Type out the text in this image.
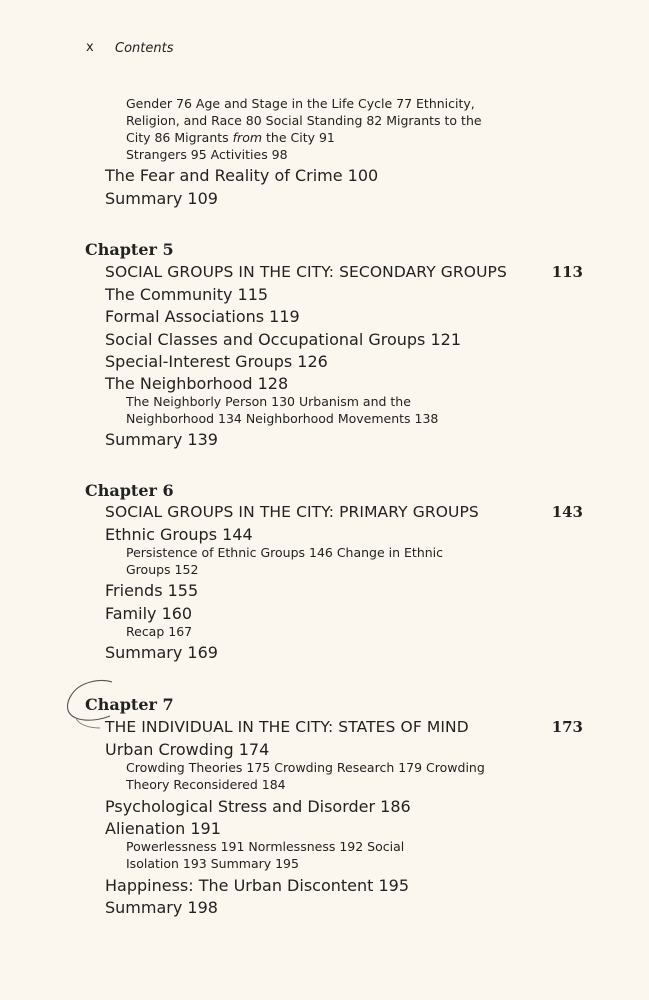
x Contents
Gender 76 Age and Stage in the Life Cycle 77 Ethnicity,
Religion, and Race 80 Social Standing 82 Migrants to the
City 86 Migrants from the City 91
Strangers 95 Activities 98
The Fear and Reality of Crime 100
Summary 109
Chapter 5
SOCIAL GROUPS IN THE CITY: SECONDARY GROUPS	113
The Community 115
Formal Associations 119
Social Classes and Occupational Groups 121
Special-Interest Groups 126
The Neighborhood 128
The Neighborly Person 130 Urbanism and the
Neighborhood 134 Neighborhood Movements 138
Summary 139
Chapter 6
SOCIAL GROUPS IN THE CITY: PRIMARY GROUPS	143
Ethnic Groups 144
Persistence of Ethnic Groups 146 Change in Ethnic
Groups 152
Friends 155
Family 160
Recap 167
Summary 169
Chapter 7
THE INDIVIDUAL IN THE CITY: STATES OF MIND	173
Urban Crowding 174
Crowding Theories 175 Crowding Research 179 Crowding
Theory Reconsidered 184
Psychological Stress and Disorder 186
Alienation 191
Powerlessness 191 Normlessness 192 Social
Isolation 193 Summary 195
Happiness: The Urban Discontent 195
Summary 198
